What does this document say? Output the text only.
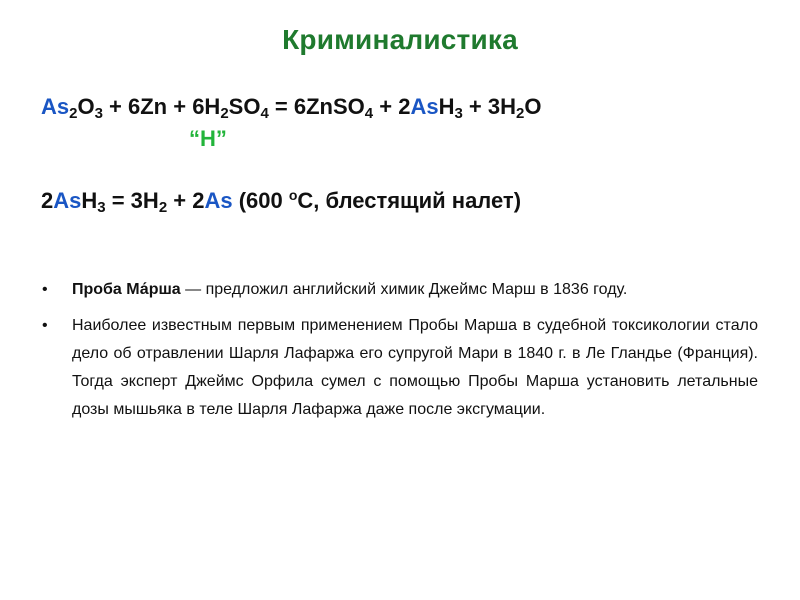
Криминалистика
$As_2O_3 + 6Zn + 6H_2SO_4$ = 6ZnSO$_4$ + $2AsH_3 + 3H_2O$
“H”
$2AsH_3 = 3H_2 + 2As$ (600 $^o$C, блестящий налет)
• Проба Ма́рша — предложил английский химик Джеймс Марш в 1836 году.
• Наиболее известным первым применением Пробы Марша в судебной токсикологии стало дело об отравлении Шарля Лафаржа его супругой Мари в 1840 г. в Ле Гландье (Франция). Тогда эксперт Джеймс Орфила сумел с помощью Пробы Марша установить летальные дозы мышьяка в теле Шарля Лафаржа даже после эксгумации.
